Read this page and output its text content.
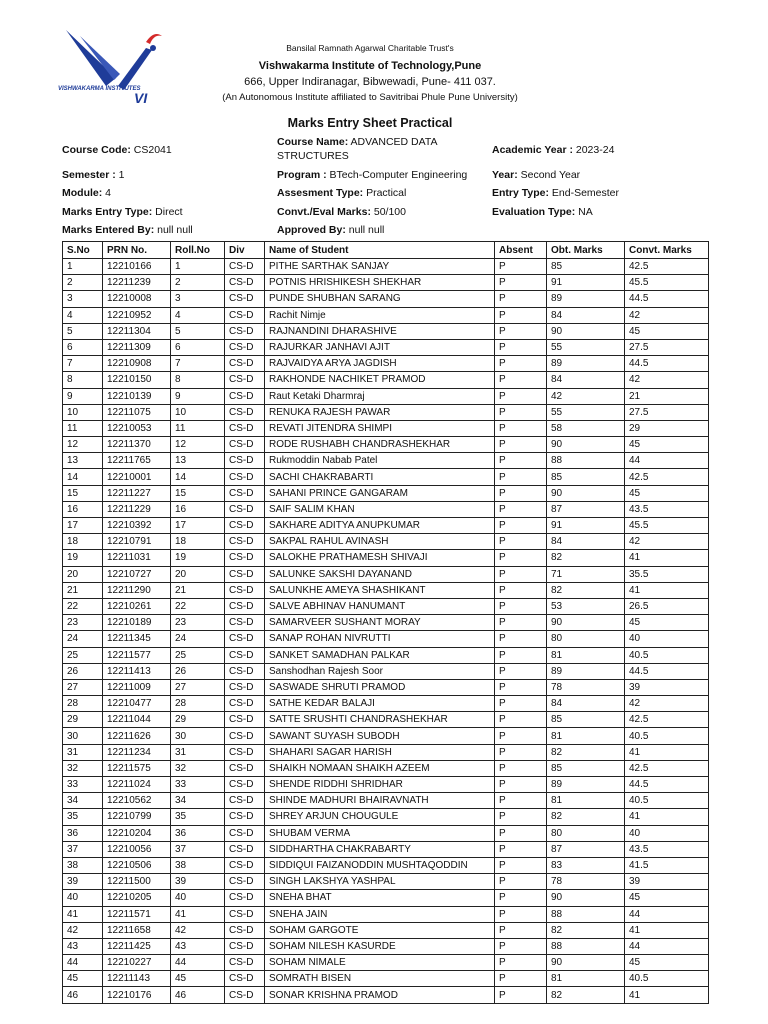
VISHWAKARMA INSTITUTES
VI
Bansilal Ramnath Agarwal Charitable Trust's
Vishwakarma Institute of Technology,Pune
666, Upper Indiranagar, Bibwewadi, Pune- 411 037.
(An Autonomous Institute affiliated to Savitribai Phule Pune University)
Marks Entry Sheet Practical
Course Code: CS2041
Course Name: ADVANCED DATA STRUCTURES	Academic Year : 2023-24
Semester : 1	Program : BTech-Computer Engineering Year: Second Year
Module: 4	Assesment Type: Practical	Entry Type: End-Semester
Marks Entry Type: Direct	Convt./Eval Marks: 50/100	Evaluation Type: NA
Marks Entered By: null null	Approved By: null null
S.No	PRN No.	Roll.No	Div	Name of Student	Absent	Obt. Marks	Convt. Marks
1	12210166	1	CS-D	PITHE SARTHAK SANJAY	P	85	42.5
2	12211239	2	CS-D	POTNIS HRISHIKESH SHEKHAR	P	91	45.5
3	12210008	3	CS-D	PUNDE SHUBHAN SARANG	P	89	44.5
4	12210952	4	CS-D	Rachit Nimje	P	84	42
5	12211304	5	CS-D	RAJNANDINI DHARASHIVE	P	90	45
6	12211309	6	CS-D	RAJURKAR JANHAVI AJIT	P	55	27.5
7	12210908	7	CS-D	RAJVAIDYA ARYA JAGDISH	P	89	44.5
8	12210150	8	CS-D	RAKHONDE NACHIKET PRAMOD	P	84	42
9	12210139	9	CS-D	Raut Ketaki Dharmraj	P	42	21
10	12211075	10	CS-D	RENUKA RAJESH PAWAR	P	55	27.5
11	12210053	11	CS-D	REVATI JITENDRA SHIMPI	P	58	29
12	12211370	12	CS-D	RODE RUSHABH CHANDRASHEKHAR	P	90	45
13	12211765	13	CS-D	Rukmoddin Nabab Patel	P	88	44
14	12210001	14	CS-D	SACHI CHAKRABARTI	P	85	42.5
15	12211227	15	CS-D	SAHANI PRINCE GANGARAM	P	90	45
16	12211229	16	CS-D	SAIF SALIM KHAN	P	87	43.5
17	12210392	17	CS-D	SAKHARE ADITYA ANUPKUMAR	P	91	45.5
18	12210791	18	CS-D	SAKPAL RAHUL AVINASH	P	84	42
19	12211031	19	CS-D	SALOKHE PRATHAMESH SHIVAJI	P	82	41
20	12210727	20	CS-D	SALUNKE SAKSHI DAYANAND	P	71	35.5
21	12211290	21	CS-D	SALUNKHE AMEYA SHASHIKANT	P	82	41
22	12210261	22	CS-D	SALVE ABHINAV HANUMANT	P	53	26.5
23	12210189	23	CS-D	SAMARVEER SUSHANT MORAY	P	90	45
24	12211345	24	CS-D	SANAP ROHAN NIVRUTTI	P	80	40
25	12211577	25	CS-D	SANKET SAMADHAN PALKAR	P	81	40.5
26	12211413	26	CS-D	Sanshodhan Rajesh Soor	P	89	44.5
27	12211009	27	CS-D	SASWADE SHRUTI PRAMOD	P	78	39
28	12210477	28	CS-D	SATHE KEDAR BALAJI	P	84	42
29	12211044	29	CS-D	SATTE SRUSHTI CHANDRASHEKHAR	P	85	42.5
30	12211626	30	CS-D	SAWANT SUYASH SUBODH	P	81	40.5
31	12211234	31	CS-D	SHAHARI SAGAR HARISH	P	82	41
32	12211575	32	CS-D	SHAIKH NOMAAN SHAIKH AZEEM	P	85	42.5
33	12211024	33	CS-D	SHENDE RIDDHI SHRIDHAR	P	89	44.5
34	12210562	34	CS-D	SHINDE MADHURI BHAIRAVNATH	P	81	40.5
35	12210799	35	CS-D	SHREY ARJUN CHOUGULE	P	82	41
36	12210204	36	CS-D	SHUBAM VERMA	P	80	40
37	12210056	37	CS-D	SIDDHARTHA CHAKRABARTY	P	87	43.5
38	12210506	38	CS-D	SIDDIQUI FAIZANODDIN MUSHTAQODDIN	P	83	41.5
39	12211500	39	CS-D	SINGH LAKSHYA YASHPAL	P	78	39
40	12210205	40	CS-D	SNEHA BHAT	P	90	45
41	12211571	41	CS-D	SNEHA JAIN	P	88	44
42	12211658	42	CS-D	SOHAM GARGOTE	P	82	41
43	12211425	43	CS-D	SOHAM NILESH KASURDE	P	88	44
44	12210227	44	CS-D	SOHAM NIMALE	P	90	45
45	12211143	45	CS-D	SOMRATH BISEN	P	81	40.5
46	12210176	46	CS-D	SONAR KRISHNA PRAMOD	P	82	41
